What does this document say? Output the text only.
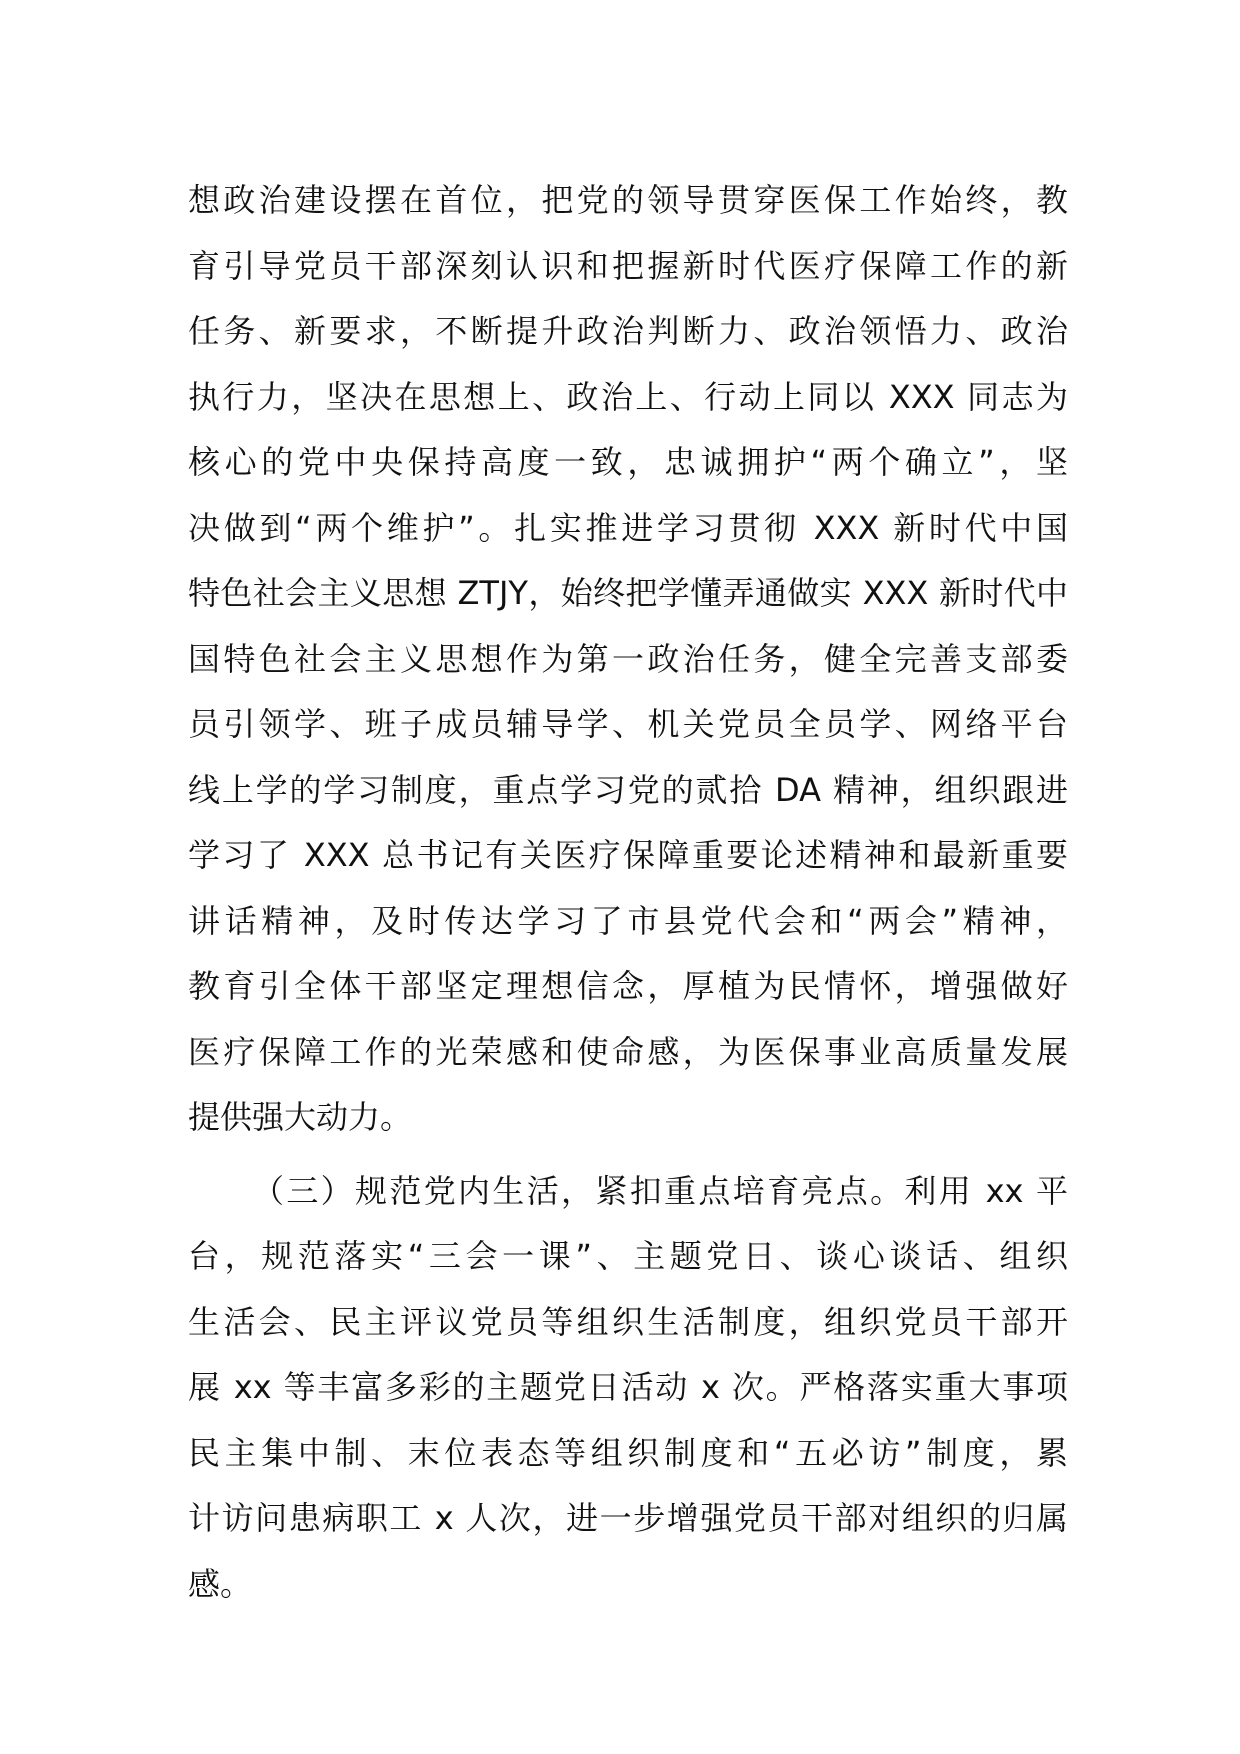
想政治建设摆在首位，把党的领导贯穿医保工作始终，教
育引导党员干部深刻认识和把握新时代医疗保障工作的新
任务、新要求，不断提升政治判断力、政治领悟力、政治
执行力，坚决在思想上、政治上、行动上同以 XXX 同志为
核心的党中央保持高度一致，忠诚拥护“两个确立”，坚
决做到“两个维护”。扎实推进学习贯彻 XXX 新时代中国
特色社会主义思想 ZTJY，始终把学懂弄通做实 XXX 新时代中
国特色社会主义思想作为第一政治任务，健全完善支部委
员引领学、班子成员辅导学、机关党员全员学、网络平台
线上学的学习制度，重点学习党的贰拾 DA 精神，组织跟进
学习了 XXX 总书记有关医疗保障重要论述精神和最新重要
讲话精神，及时传达学习了市县党代会和“两会”精神，
教育引全体干部坚定理想信念，厚植为民情怀，增强做好
医疗保障工作的光荣感和使命感，为医保事业高质量发展
提供强大动力。
（三）规范党内生活，紧扣重点培育亮点。利用 xx 平
台，规范落实“三会一课”、主题党日、谈心谈话、组织
生活会、民主评议党员等组织生活制度，组织党员干部开
展 xx 等丰富多彩的主题党日活动 x 次。严格落实重大事项
民主集中制、末位表态等组织制度和“五必访”制度，累
计访问患病职工 x 人次，进一步增强党员干部对组织的归属
感。
